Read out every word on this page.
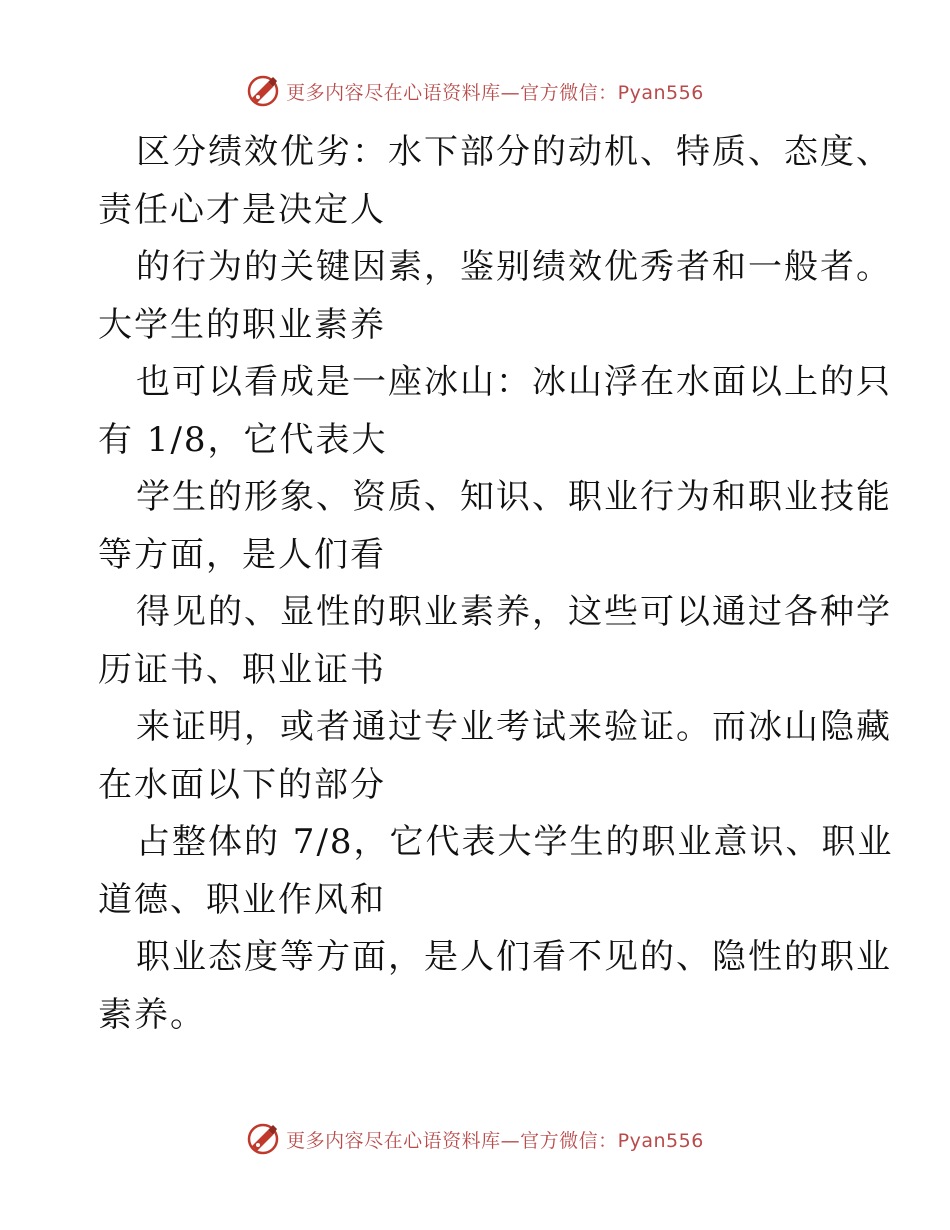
更多内容尽在心语资料库—官方微信：Pyan556
区分绩效优劣：水下部分的动机、特质、态度、
责任心才是决定人
的行为的关键因素，鉴别绩效优秀者和一般者。
大学生的职业素养
也可以看成是一座冰山：冰山浮在水面以上的只
有 1/8，它代表大
学生的形象、资质、知识、职业行为和职业技能
等方面，是人们看
得见的、显性的职业素养，这些可以通过各种学
历证书、职业证书
来证明，或者通过专业考试来验证。而冰山隐藏
在水面以下的部分
占整体的 7/8，它代表大学生的职业意识、职业
道德、职业作风和
职业态度等方面，是人们看不见的、隐性的职业
素养。
更多内容尽在心语资料库—官方微信：Pyan556
